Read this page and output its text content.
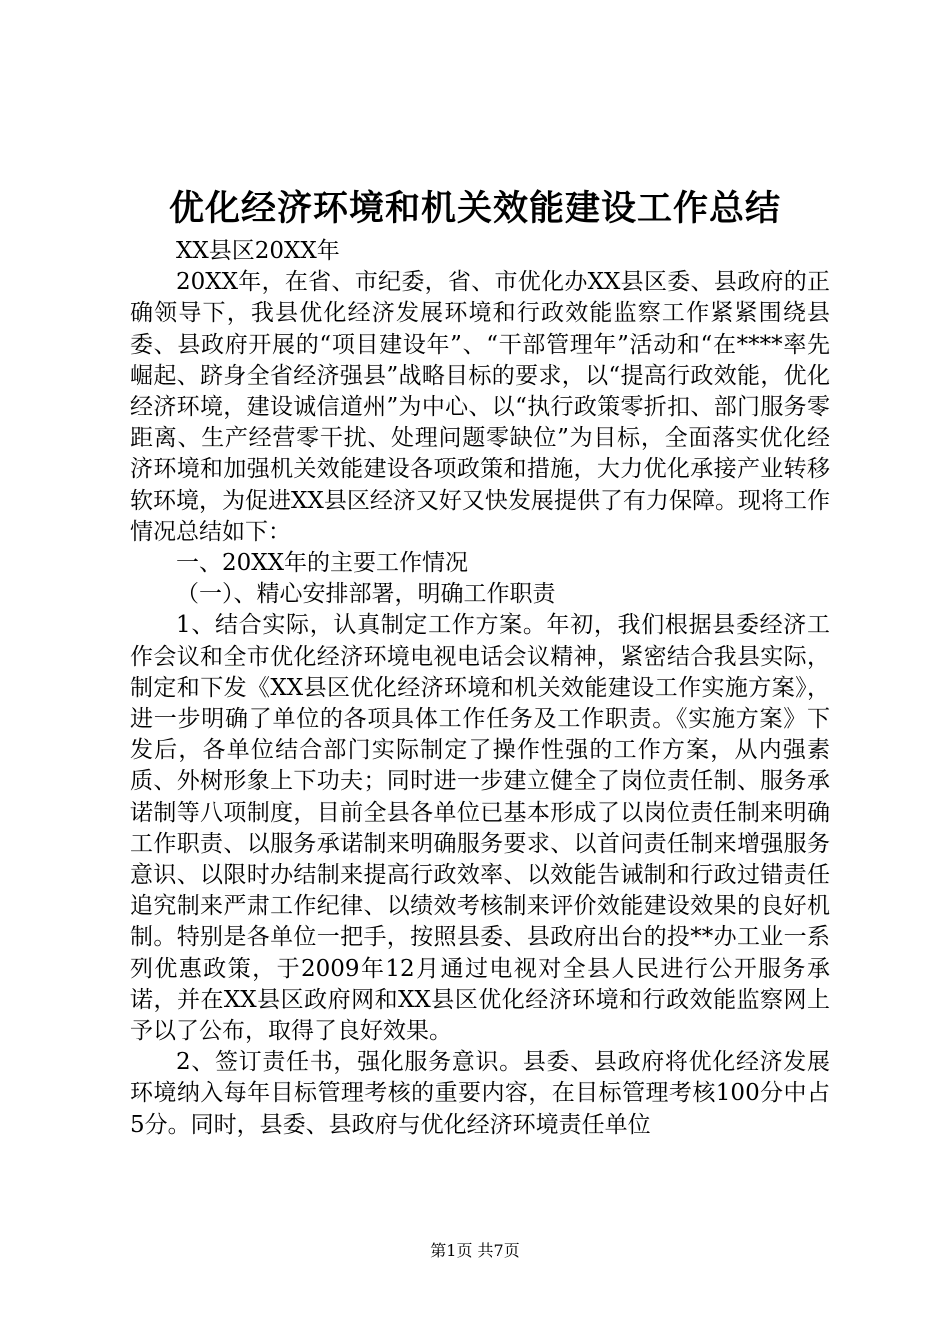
优化经济环境和机关效能建设工作总结

XX县区20XX年

20XX年，在省、市纪委，省、市优化办XX县区委、县政府的正确领导下，我县优化经济发展环境和行政效能监察工作紧紧围绕县委、县政府开展的“项目建设年”、“干部管理年”活动和“在****率先崛起、跻身全省经济强县”战略目标的要求，以“提高行政效能，优化经济环境，建设诚信道州”为中心、以“执行政策零折扣、部门服务零距离、生产经营零干扰、处理问题零缺位”为目标，全面落实优化经济环境和加强机关效能建设各项政策和措施，大力优化承接产业转移软环境，为促进XX县区经济又好又快发展提供了有力保障。现将工作情况总结如下：

一、20XX年的主要工作情况

（一）、精心安排部署，明确工作职责

1、结合实际，认真制定工作方案。年初，我们根据县委经济工作会议和全市优化经济环境电视电话会议精神，紧密结合我县实际，制定和下发《XX县区优化经济环境和机关效能建设工作实施方案》，进一步明确了单位的各项具体工作任务及工作职责。《实施方案》下发后，各单位结合部门实际制定了操作性强的工作方案，从内强素质、外树形象上下功夫；同时进一步建立健全了岗位责任制、服务承诺制等八项制度，目前全县各单位已基本形成了以岗位责任制来明确工作职责、以服务承诺制来明确服务要求、以首问责任制来增强服务意识、以限时办结制来提高行政效率、以效能告诫制和行政过错责任追究制来严肃工作纪律、以绩效考核制来评价效能建设效果的良好机制。特别是各单位一把手，按照县委、县政府出台的投**办工业一系列优惠政策，于2009年12月通过电视对全县人民进行公开服务承诺，并在XX县区政府网和XX县区优化经济环境和行政效能监察网上予以了公布，取得了良好效果。

2、签订责任书，强化服务意识。县委、县政府将优化经济发展环境纳入每年目标管理考核的重要内容，在目标管理考核100分中占5分。同时，县委、县政府与优化经济环境责任单位

第1页 共7页
